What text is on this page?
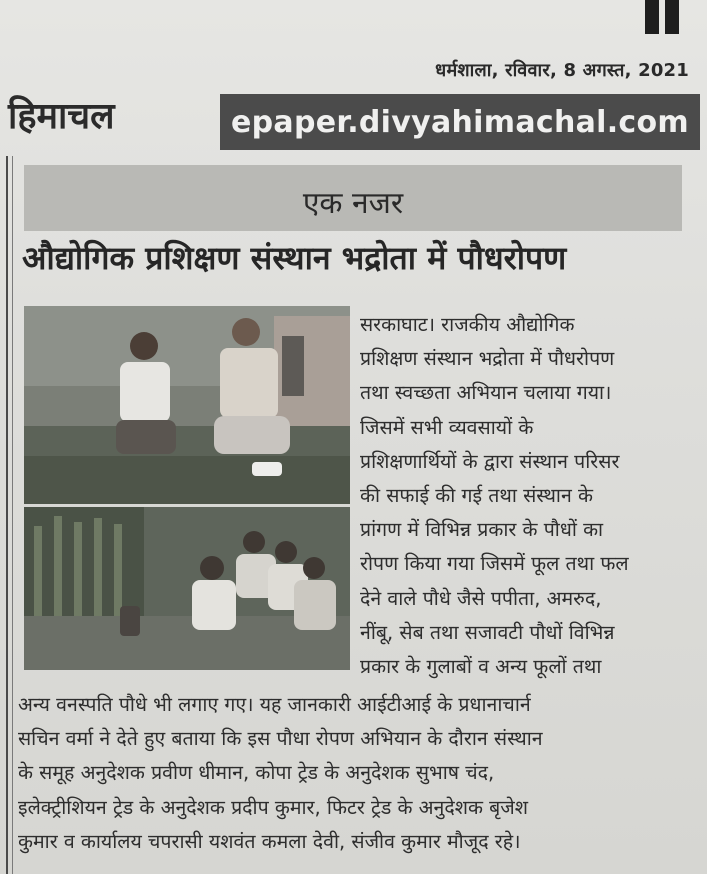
धर्मशाला, रविवार, 8 अगस्त, 2021
हिमाचल	epaper.divyahimachal.com
एक नजर
औद्योगिक प्रशिक्षण संस्थान भद्रोता में पौधरोपण
सरकाघाट। राजकीय औद्योगिक
प्रशिक्षण संस्थान भद्रोता में पौधरोपण
तथा स्वच्छता अभियान चलाया गया।
जिसमें सभी व्यवसायों के
प्रशिक्षणार्थियों के द्वारा संस्थान परिसर
की सफाई की गई तथा संस्थान के
प्रांगण में विभिन्न प्रकार के पौधों का
रोपण किया गया जिसमें फूल तथा फल
देने वाले पौधे जैसे पपीता, अमरुद,
नींबू, सेब तथा सजावटी पौधों विभिन्न
प्रकार के गुलाबों व अन्य फूलों तथा
अन्य वनस्पति पौधे भी लगाए गए। यह जानकारी आईटीआई के प्रधानाचार्न
सचिन वर्मा ने देते हुए बताया कि इस पौधा रोपण अभियान के दौरान संस्थान
के समूह अनुदेशक प्रवीण धीमान, कोपा ट्रेड के अनुदेशक सुभाष चंद,
इलेक्ट्रीशियन ट्रेड के अनुदेशक प्रदीप कुमार, फिटर ट्रेड के अनुदेशक बृजेश
कुमार व कार्यालय चपरासी यशवंत कमला देवी, संजीव कुमार मौजूद रहे।
